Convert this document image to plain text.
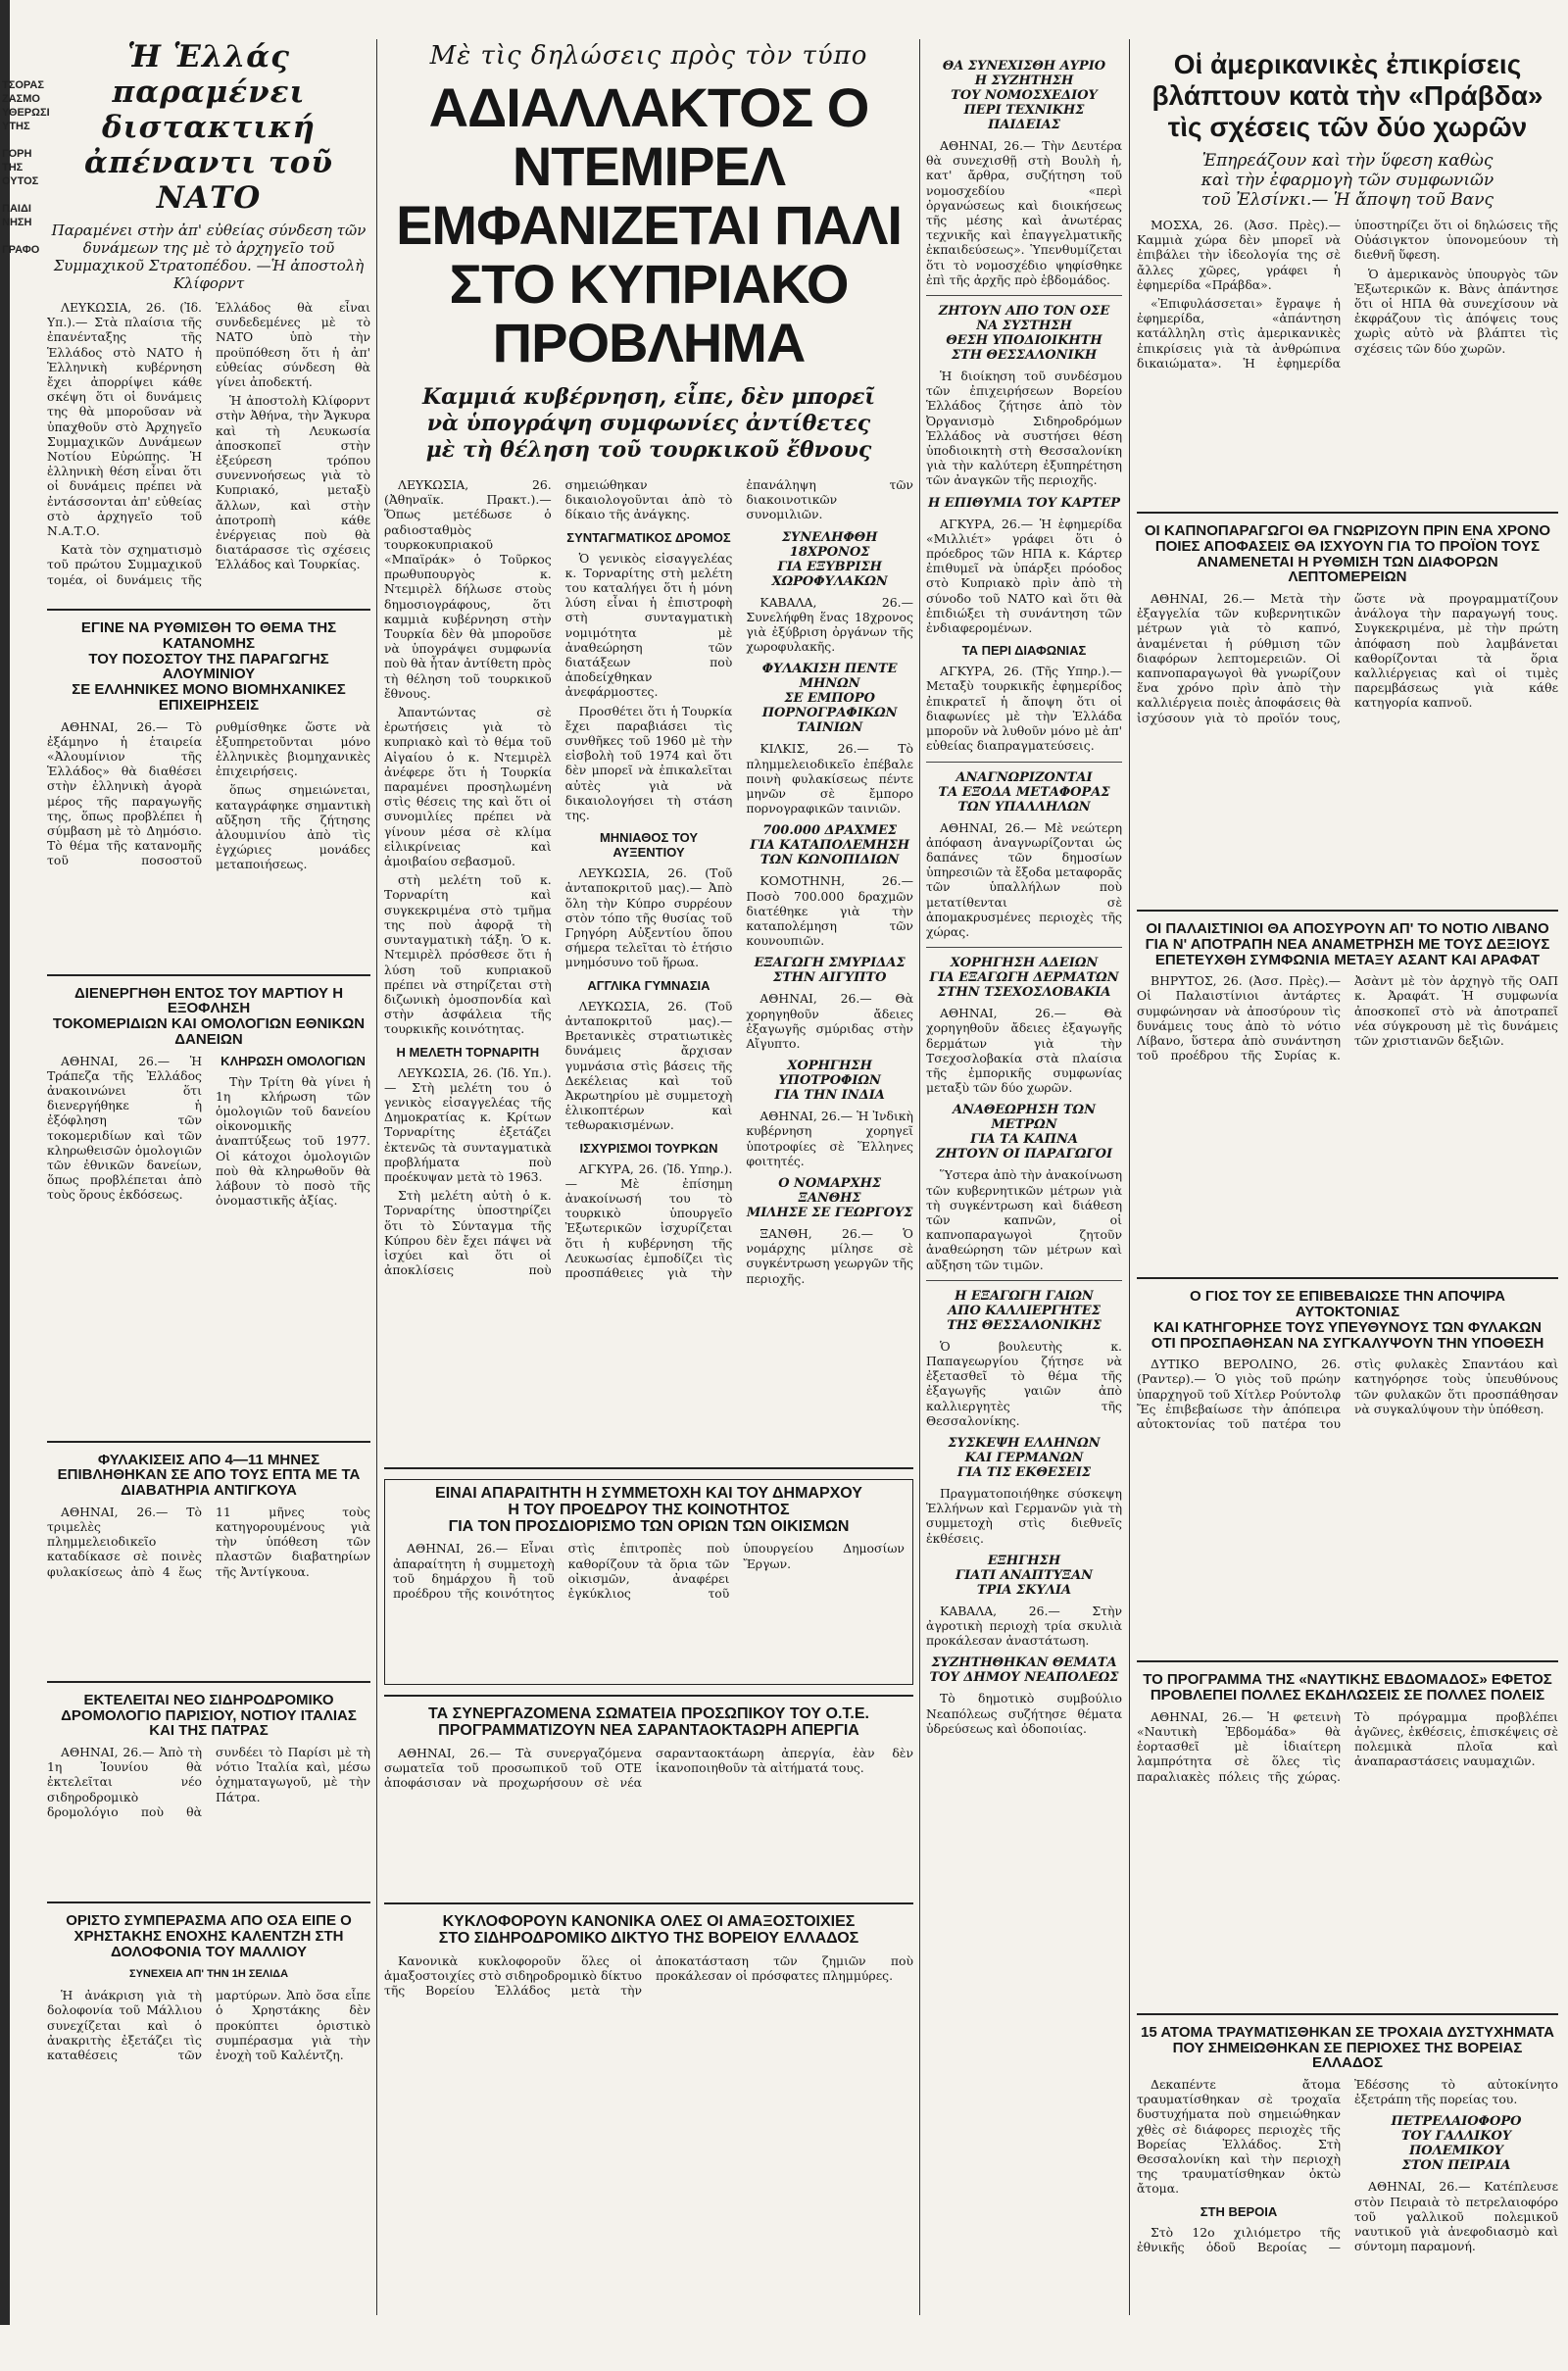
ΤΣΟΡΑΣ
ΖΑΣΜΟ
ΥΘΕΡΩΣΙ
ΥΤΗΣ

ΓΟΡΗ
ΤΗΣ
ΟΥΤΟΣ

ΠΑΙΔΙ
ΝΗΣΗ

ΓΡΑΦΟ
Ἡ Ἑλλάς παραμένει
διστακτική
ἀπέναντι τοῦ ΝΑΤΟ
Παραμένει στὴν ἀπ' εὐθείας σύνδεση τῶν δυνάμεων της μὲ τὸ ἀρχηγεῖο τοῦ Συμμαχικοῦ Στρατοπέδου. —Ἡ ἀποστολὴ Κλίφορντ

ΛΕΥΚΩΣΙΑ, 26. (Ἰδ. Υπ.).— Στὰ πλαίσια τῆς ἐπανένταξης τῆς Ἑλλάδος στὸ ΝΑΤΟ ἡ Ἑλληνικὴ κυβέρνηση ἔχει ἀπορρίψει κάθε σκέψη ὅτι οἱ δυνάμεις της θὰ μποροῦσαν νὰ ὑπαχθοῦν στὸ Ἀρχηγεῖο Συμμαχικῶν Δυνάμεων Νοτίου Εὐρώπης. Ἡ ἑλληνικὴ θέση εἶναι ὅτι οἱ δυνάμεις πρέπει νὰ ἐντάσσονται ἀπ' εὐθείας στὸ ἀρχηγεῖο τοῦ Ν.Α.Τ.Ο.

Κατὰ τὸν σχηματισμὸ τοῦ πρώτου Συμμαχικοῦ τομέα, οἱ δυνάμεις τῆς Ἑλλάδος θὰ εἶναι συνδεδεμένες μὲ τὸ ΝΑΤΟ ὑπὸ τὴν προϋπόθεση ὅτι ἡ ἀπ' εὐθείας σύνδεση θὰ γίνει ἀποδεκτή.

Ἡ ἀποστολὴ Κλίφορντ στὴν Ἀθήνα, τὴν Ἄγκυρα καὶ τὴ Λευκωσία ἀποσκοπεῖ στὴν ἐξεύρεση τρόπου συνεννοήσεως γιὰ τὸ Κυπριακό, μεταξὺ ἄλλων, καὶ στὴν ἀποτροπὴ κάθε ἐνέργειας ποὺ θὰ διατάρασσε τὶς σχέσεις Ἑλλάδος καὶ Τουρκίας.

ΕΓΙΝΕ ΝΑ ΡΥΘΜΙΣΘΗ ΤΟ ΘΕΜΑ ΤΗΣ ΚΑΤΑΝΟΜΗΣ
ΤΟΥ ΠΟΣΟΣΤΟΥ ΤΗΣ ΠΑΡΑΓΩΓΗΣ ΑΛΟΥΜΙΝΙΟΥ
ΣΕ ΕΛΛΗΝΙΚΕΣ ΜΟΝΟ ΒΙΟΜΗΧΑΝΙΚΕΣ ΕΠΙΧΕΙΡΗΣΕΙΣ

ΑΘΗΝΑΙ, 26.— Τὸ ἐξάμηνο ἡ ἑταιρεία «Ἀλουμίνιον τῆς Ἑλλάδος» θὰ διαθέσει στὴν ἐλληνικὴ ἀγορὰ μέρος τῆς παραγωγῆς της, ὅπως προβλέπει ἡ σύμβαση μὲ τὸ Δημόσιο. Τὸ θέμα τῆς κατανομῆς τοῦ ποσοστοῦ ρυθμίσθηκε ὥστε νὰ ἐξυπηρετοῦνται μόνο ἑλληνικὲς βιομηχανικὲς ἐπιχειρήσεις.

ὅπως σημειώνεται, καταγράφηκε σημαντικὴ αὔξηση τῆς ζήτησης ἀλουμινίου ἀπὸ τὶς ἐγχώριες μονάδες μεταποιήσεως.

ΔΙΕΝΕΡΓΗΘΗ ΕΝΤΟΣ ΤΟΥ ΜΑΡΤΙΟΥ Η ΕΞΟΦΛΗΣΗ
ΤΟΚΟΜΕΡΙΔΙΩΝ ΚΑΙ ΟΜΟΛΟΓΙΩΝ ΕΘΝΙΚΩΝ ΔΑΝΕΙΩΝ

ΑΘΗΝΑΙ, 26.— Ἡ Τράπεζα τῆς Ἑλλάδος ἀνακοινώνει ὅτι διενεργήθηκε ἡ ἐξόφληση τῶν τοκομεριδίων καὶ τῶν κληρωθεισῶν ὁμολογιῶν τῶν ἐθνικῶν δανείων, ὅπως προβλέπεται ἀπὸ τοὺς ὅρους ἐκδόσεως.

ΚΛΗΡΩΣΗ ΟΜΟΛΟΓΙΩΝ

Τὴν Τρίτη θὰ γίνει ἡ 1η κλήρωση τῶν ὁμολογιῶν τοῦ δανείου οἰκονομικῆς ἀναπτύξεως τοῦ 1977. Οἱ κάτοχοι ὁμολογιῶν ποὺ θὰ κληρωθοῦν θὰ λάβουν τὸ ποσὸ τῆς ὀνομαστικῆς ἀξίας.

ΦΥΛΑΚΙΣΕΙΣ ΑΠΟ 4—11 ΜΗΝΕΣ ΕΠΙΒΛΗΘΗΚΑΝ ΣΕ ΑΠΟ ΤΟΥΣ ΕΠΤΑ ΜΕ ΤΑ ΔΙΑΒΑΤΗΡΙΑ ΑΝΤΙΓΚΟΥΑ

ΑΘΗΝΑΙ, 26.— Τὸ τριμελὲς πλημμελειοδικεῖο καταδίκασε σὲ ποινὲς φυλακίσεως ἀπὸ 4 ἕως 11 μῆνες τοὺς κατηγορουμένους γιὰ τὴν ὑπόθεση τῶν πλαστῶν διαβατηρίων τῆς Ἀντίγκουα.

ΕΚΤΕΛΕΙΤΑΙ ΝΕΟ ΣΙΔΗΡΟΔΡΟΜΙΚΟ ΔΡΟΜΟΛΟΓΙΟ ΠΑΡΙΣΙΟΥ, ΝΟΤΙΟΥ ΙΤΑΛΙΑΣ ΚΑΙ ΤΗΣ ΠΑΤΡΑΣ

ΑΘΗΝΑΙ, 26.— Ἀπὸ τὴ 1η Ἰουνίου θὰ ἐκτελεῖται νέο σιδηροδρομικὸ δρομολόγιο ποὺ θὰ συνδέει τὸ Παρίσι μὲ τὴ νότιο Ἰταλία καὶ, μέσω ὀχηματαγωγοῦ, μὲ τὴν Πάτρα.

ΟΡΙΣΤΟ ΣΥΜΠΕΡΑΣΜΑ ΑΠΟ ΟΣΑ ΕΙΠΕ Ο ΧΡΗΣΤΑΚΗΣ ΕΝΟΧΗΣ ΚΑΛΕΝΤΖΗ ΣΤΗ ΔΟΛΟΦΟΝΙΑ ΤΟΥ ΜΑΛΛΙΟΥ
ΣΥΝΕΧΕΙΑ ΑΠ' ΤΗΝ 1Η ΣΕΛΙΔΑ

Ἡ ἀνάκριση γιὰ τὴ δολοφονία τοῦ Μάλλιου συνεχίζεται καὶ ὁ ἀνακριτὴς ἐξετάζει τὶς καταθέσεις τῶν μαρτύρων. Ἀπὸ ὅσα εἶπε ὁ Χρηστάκης δὲν προκύπτει ὁριστικὸ συμπέρασμα γιὰ τὴν ἐνοχὴ τοῦ Καλέντζη.

Μὲ τὶς δηλώσεις πρὸς τὸν τύπο
ΑΔΙΑΛΛΑΚΤΟΣ Ο ΝΤΕΜΙΡΕΛ
ΕΜΦΑΝΙΖΕΤΑΙ ΠΑΛΙ
ΣΤΟ ΚΥΠΡΙΑΚΟ ΠΡΟΒΛΗΜΑ
Καμμιά κυβέρνηση, εἶπε, δὲν μπορεῖ
νὰ ὑπογράψη συμφωνίες ἀντίθετες
μὲ τὴ θέληση τοῦ τουρκικοῦ ἔθνους

ΛΕΥΚΩΣΙΑ, 26. (Ἀθηναϊκ. Πρακτ.).— Ὅπως μετέδωσε ὁ ραδιοσταθμὸς τουρκοκυπριακοῦ «Μπαϊράκ» ὁ Τοῦρκος πρωθυπουργὸς κ. Ντεμιρὲλ δήλωσε στοὺς δημοσιογράφους, ὅτι καμμιὰ κυβέρνηση στὴν Τουρκία δὲν θὰ μποροῦσε νὰ ὑπογράψει συμφωνία ποὺ θὰ ἦταν ἀντίθετη πρὸς τὴ θέληση τοῦ τουρκικοῦ ἔθνους.

Ἀπαντώντας σὲ ἐρωτήσεις γιὰ τὸ κυπριακὸ καὶ τὸ θέμα τοῦ Αἰγαίου ὁ κ. Ντεμιρὲλ ἀνέφερε ὅτι ἡ Τουρκία παραμένει προσηλωμένη στὶς θέσεις της καὶ ὅτι οἱ συνομιλίες πρέπει νὰ γίνουν μέσα σὲ κλίμα εἰλικρίνειας καὶ ἀμοιβαίου σεβασμοῦ.

στὴ μελέτη τοῦ κ. Τορναρίτη καὶ συγκεκριμένα στὸ τμῆμα της ποὺ ἀφορᾷ τὴ συνταγματικὴ τάξη. Ὁ κ. Ντεμιρὲλ πρόσθεσε ὅτι ἡ λύση τοῦ κυπριακοῦ πρέπει νὰ στηρίζεται στὴ διζωνικὴ ὁμοσπονδία καὶ στὴν ἀσφάλεια τῆς τουρκικῆς κοινότητας.

Η ΜΕΛΕΤΗ ΤΟΡΝΑΡΙΤΗ

ΛΕΥΚΩΣΙΑ, 26. (Ἰδ. Υπ.).— Στὴ μελέτη του ὁ γενικὸς εἰσαγγελέας τῆς Δημοκρατίας κ. Κρίτων Τορναρίτης ἐξετάζει ἐκτενῶς τὰ συνταγματικὰ προβλήματα ποὺ προέκυψαν μετὰ τὸ 1963.

Στὴ μελέτη αὐτὴ ὁ κ. Τορναρίτης ὑποστηρίζει ὅτι τὸ Σύνταγμα τῆς Κύπρου δὲν ἔχει πάψει νὰ ἰσχύει καὶ ὅτι οἱ ἀποκλίσεις ποὺ σημειώθηκαν δικαιολογοῦνται ἀπὸ τὸ δίκαιο τῆς ἀνάγκης.

ΣΥΝΤΑΓΜΑΤΙΚΟΣ ΔΡΟΜΟΣ

Ὁ γενικὸς εἰσαγγελέας κ. Τορναρίτης στὴ μελέτη του καταλήγει ὅτι ἡ μόνη λύση εἶναι ἡ ἐπιστροφὴ στὴ συνταγματικὴ νομιμότητα μὲ ἀναθεώρηση τῶν διατάξεων ποὺ ἀποδείχθηκαν ἀνεφάρμοστες.

Προσθέτει ὅτι ἡ Τουρκία ἔχει παραβιάσει τὶς συνθῆκες τοῦ 1960 μὲ τὴν εἰσβολὴ τοῦ 1974 καὶ ὅτι δὲν μπορεῖ νὰ ἐπικαλεῖται αὐτὲς γιὰ νὰ δικαιολογήσει τὴ στάση της.

ΜΗΝΙΑΘΟΣ ΤΟΥ ΑΥΞΕΝΤΙΟΥ

ΛΕΥΚΩΣΙΑ, 26. (Τοῦ ἀνταποκριτοῦ μας).— Ἀπὸ ὅλη τὴν Κύπρο συρρέουν στὸν τόπο τῆς θυσίας τοῦ Γρηγόρη Αὐξεντίου ὅπου σήμερα τελεῖται τὸ ἑτήσιο μνημόσυνο τοῦ ἥρωα.

ΑΓΓΛΙΚΑ ΓΥΜΝΑΣΙΑ

ΛΕΥΚΩΣΙΑ, 26. (Τοῦ ἀνταποκριτοῦ μας).— Βρετανικὲς στρατιωτικὲς δυνάμεις ἄρχισαν γυμνάσια στὶς βάσεις τῆς Δεκέλειας καὶ τοῦ Ἀκρωτηρίου μὲ συμμετοχὴ ἑλικοπτέρων καὶ τεθωρακισμένων.

ΙΣΧΥΡΙΣΜΟΙ ΤΟΥΡΚΩΝ

ΑΓΚΥΡΑ, 26. (Ἰδ. Υπηρ.).— Μὲ ἐπίσημη ἀνακοίνωσή του τὸ τουρκικὸ ὑπουργεῖο Ἐξωτερικῶν ἰσχυρίζεται ὅτι ἡ κυβέρνηση τῆς Λευκωσίας ἐμποδίζει τὶς προσπάθειες γιὰ τὴν ἐπανάληψη τῶν διακοινοτικῶν συνομιλιῶν.

ΣΥΝΕΛΗΦΘΗ 18ΧΡΟΝΟΣ
ΓΙΑ ΕΞΥΒΡΙΣΗ
ΧΩΡΟΦΥΛΑΚΩΝ

ΚΑΒΑΛΑ, 26.— Συνελήφθη ἕνας 18χρονος γιὰ ἐξύβριση ὀργάνων τῆς χωροφυλακῆς.

ΦΥΛΑΚΙΣΗ ΠΕΝΤΕ ΜΗΝΩΝ
ΣΕ ΕΜΠΟΡΟ
ΠΟΡΝΟΓΡΑΦΙΚΩΝ ΤΑΙΝΙΩΝ

ΚΙΛΚΙΣ, 26.— Τὸ πλημμελειοδικεῖο ἐπέβαλε ποινὴ φυλακίσεως πέντε μηνῶν σὲ ἔμπορο πορνογραφικῶν ταινιῶν.

700.000 ΔΡΑΧΜΕΣ
ΓΙΑ ΚΑΤΑΠΟΛΕΜΗΣΗ
ΤΩΝ ΚΩΝΟΠΙΔΙΩΝ

ΚΟΜΟΤΗΝΗ, 26.— Ποσὸ 700.000 δραχμῶν διατέθηκε γιὰ τὴν καταπολέμηση τῶν κουνουπιῶν.

ΕΞΑΓΩΓΗ ΣΜΥΡΙΔΑΣ
ΣΤΗΝ ΑΙΓΥΠΤΟ

ΑΘΗΝΑΙ, 26.— Θὰ χορηγηθοῦν ἄδειες ἐξαγωγῆς σμύριδας στὴν Αἴγυπτο.

ΧΟΡΗΓΗΣΗ ΥΠΟΤΡΟΦΙΩΝ
ΓΙΑ ΤΗΝ ΙΝΔΙΑ

ΑΘΗΝΑΙ, 26.— Ἡ Ἰνδικὴ κυβέρνηση χορηγεῖ ὑποτροφίες σὲ Ἕλληνες φοιτητές.

Ο ΝΟΜΑΡΧΗΣ ΞΑΝΘΗΣ
ΜΙΛΗΣΕ ΣΕ ΓΕΩΡΓΟΥΣ

ΞΑΝΘΗ, 26.— Ὁ νομάρχης μίλησε σὲ συγκέντρωση γεωργῶν τῆς περιοχῆς.

ΕΙΝΑΙ ΑΠΑΡΑΙΤΗΤΗ Η ΣΥΜΜΕΤΟΧΗ ΚΑΙ ΤΟΥ ΔΗΜΑΡΧΟΥ
Η ΤΟΥ ΠΡΟΕΔΡΟΥ ΤΗΣ ΚΟΙΝΟΤΗΤΟΣ
ΓΙΑ ΤΟΝ ΠΡΟΣΔΙΟΡΙΣΜΟ ΤΩΝ ΟΡΙΩΝ ΤΩΝ ΟΙΚΙΣΜΩΝ

ΑΘΗΝΑΙ, 26.— Εἶναι ἀπαραίτητη ἡ συμμετοχὴ τοῦ δημάρχου ἢ τοῦ προέδρου τῆς κοινότητος στὶς ἐπιτροπὲς ποὺ καθορίζουν τὰ ὅρια τῶν οἰκισμῶν, ἀναφέρει ἐγκύκλιος τοῦ ὑπουργείου Δημοσίων Ἔργων.

ΤΑ ΣΥΝΕΡΓΑΖΟΜΕΝΑ ΣΩΜΑΤΕΙΑ ΠΡΟΣΩΠΙΚΟΥ ΤΟΥ Ο.Τ.Ε.
ΠΡΟΓΡΑΜΜΑΤΙΖΟΥΝ ΝΕΑ ΣΑΡΑΝΤΑΟΚΤΑΩΡΗ ΑΠΕΡΓΙΑ

ΑΘΗΝΑΙ, 26.— Τὰ συνεργαζόμενα σωματεῖα τοῦ προσωπικοῦ τοῦ ΟΤΕ ἀποφάσισαν νὰ προχωρήσουν σὲ νέα σαρανταοκτάωρη ἀπεργία, ἐὰν δὲν ἱκανοποιηθοῦν τὰ αἰτήματά τους.

ΚΥΚΛΟΦΟΡΟΥΝ ΚΑΝΟΝΙΚΑ ΟΛΕΣ ΟΙ ΑΜΑΞΟΣΤΟΙΧΙΕΣ
ΣΤΟ ΣΙΔΗΡΟΔΡΟΜΙΚΟ ΔΙΚΤΥΟ ΤΗΣ ΒΟΡΕΙΟΥ ΕΛΛΑΔΟΣ

Κανονικὰ κυκλοφοροῦν ὅλες οἱ ἁμαξοστοιχίες στὸ σιδηροδρομικὸ δίκτυο τῆς Βορείου Ἑλλάδος μετὰ τὴν ἀποκατάσταση τῶν ζημιῶν ποὺ προκάλεσαν οἱ πρόσφατες πλημμύρες.

ΘΑ ΣΥΝΕΧΙΣΘΗ ΑΥΡΙΟ
Η ΣΥΖΗΤΗΣΗ
ΤΟΥ ΝΟΜΟΣΧΕΔΙΟΥ
ΠΕΡΙ ΤΕΧΝΙΚΗΣ ΠΑΙΔΕΙΑΣ

ΑΘΗΝΑΙ, 26.— Τὴν Δευτέρα θὰ συνεχισθῇ στὴ Βουλὴ ἡ, κατ' ἄρθρα, συζήτηση τοῦ νομοσχεδίου «περὶ ὀργανώσεως καὶ διοικήσεως τῆς μέσης καὶ ἀνωτέρας τεχνικῆς καὶ ἐπαγγελματικῆς ἐκπαιδεύσεως». Ὑπενθυμίζεται ὅτι τὸ νομοσχέδιο ψηφίσθηκε ἐπὶ τῆς ἀρχῆς πρὸ ἑβδομάδος.

ΖΗΤΟΥΝ ΑΠΟ ΤΟΝ ΟΣΕ
ΝΑ ΣΥΣΤΗΣΗ
ΘΕΣΗ ΥΠΟΔΙΟΙΚΗΤΗ
ΣΤΗ ΘΕΣΣΑΛΟΝΙΚΗ

Ἡ διοίκηση τοῦ συνδέσμου τῶν ἐπιχειρήσεων Βορείου Ἑλλάδος ζήτησε ἀπὸ τὸν Ὀργανισμὸ Σιδηροδρόμων Ἑλλάδος νὰ συστήσει θέση ὑποδιοικητὴ στὴ Θεσσαλονίκη γιὰ τὴν καλύτερη ἐξυπηρέτηση τῶν ἀναγκῶν τῆς περιοχῆς.

Η ΕΠΙΘΥΜΙΑ ΤΟΥ ΚΑΡΤΕΡ

ΑΓΚΥΡΑ, 26.— Ἡ ἐφημερίδα «Μιλλιέτ» γράφει ὅτι ὁ πρόεδρος τῶν ΗΠΑ κ. Κάρτερ ἐπιθυμεῖ νὰ ὑπάρξει πρόοδος στὸ Κυπριακὸ πρὶν ἀπὸ τὴ σύνοδο τοῦ ΝΑΤΟ καὶ ὅτι θὰ ἐπιδιώξει τὴ συνάντηση τῶν ἐνδιαφερομένων.

ΤΑ ΠΕΡΙ ΔΙΑΦΩΝΙΑΣ

ΑΓΚΥΡΑ, 26. (Τῆς Υπηρ.).— Μεταξὺ τουρκικῆς ἐφημερίδος ἐπικρατεῖ ἡ ἄποψη ὅτι οἱ διαφωνίες μὲ τὴν Ἑλλάδα μποροῦν νὰ λυθοῦν μόνο μὲ ἀπ' εὐθείας διαπραγματεύσεις.

ΑΝΑΓΝΩΡΙΖΟΝΤΑΙ
ΤΑ ΕΞΟΔΑ ΜΕΤΑΦΟΡΑΣ
ΤΩΝ ΥΠΑΛΛΗΛΩΝ

ΑΘΗΝΑΙ, 26.— Μὲ νεώτερη ἀπόφαση ἀναγνωρίζονται ὡς δαπάνες τῶν δημοσίων ὑπηρεσιῶν τὰ ἔξοδα μεταφορᾶς τῶν ὑπαλλήλων ποὺ μετατίθενται σὲ ἀπομακρυσμένες περιοχὲς τῆς χώρας.

ΧΟΡΗΓΗΣΗ ΑΔΕΙΩΝ
ΓΙΑ ΕΞΑΓΩΓΗ ΔΕΡΜΑΤΩΝ
ΣΤΗΝ ΤΣΕΧΟΣΛΟΒΑΚΙΑ

ΑΘΗΝΑΙ, 26.— Θὰ χορηγηθοῦν ἄδειες ἐξαγωγῆς δερμάτων γιὰ τὴν Τσεχοσλοβακία στὰ πλαίσια τῆς ἐμπορικῆς συμφωνίας μεταξὺ τῶν δύο χωρῶν.

ΑΝΑΘΕΩΡΗΣΗ ΤΩΝ ΜΕΤΡΩΝ
ΓΙΑ ΤΑ ΚΑΠΝΑ
ΖΗΤΟΥΝ ΟΙ ΠΑΡΑΓΩΓΟΙ

Ὕστερα ἀπὸ τὴν ἀνακοίνωση τῶν κυβερνητικῶν μέτρων γιὰ τὴ συγκέντρωση καὶ διάθεση τῶν καπνῶν, οἱ καπνοπαραγωγοὶ ζητοῦν ἀναθεώρηση τῶν μέτρων καὶ αὔξηση τῶν τιμῶν.

Η ΕΞΑΓΩΓΗ ΓΑΙΩΝ
ΑΠΟ ΚΑΛΛΙΕΡΓΗΤΕΣ
ΤΗΣ ΘΕΣΣΑΛΟΝΙΚΗΣ

Ὁ βουλευτὴς κ. Παπαγεωργίου ζήτησε νὰ ἐξετασθεῖ τὸ θέμα τῆς ἐξαγωγῆς γαιῶν ἀπὸ καλλιεργητὲς τῆς Θεσσαλονίκης.

ΣΥΣΚΕΨΗ ΕΛΛΗΝΩΝ
ΚΑΙ ΓΕΡΜΑΝΩΝ
ΓΙΑ ΤΙΣ ΕΚΘΕΣΕΙΣ

Πραγματοποιήθηκε σύσκεψη Ἑλλήνων καὶ Γερμανῶν γιὰ τὴ συμμετοχὴ στὶς διεθνεῖς ἐκθέσεις.

ΕΞΗΓΗΣΗ
ΓΙΑΤΙ ΑΝΑΠΤΥΞΑΝ
ΤΡΙΑ ΣΚΥΛΙΑ

ΚΑΒΑΛΑ, 26.— Στὴν ἀγροτικὴ περιοχὴ τρία σκυλιὰ προκάλεσαν ἀναστάτωση.

ΣΥΖΗΤΗΘΗΚΑΝ ΘΕΜΑΤΑ
ΤΟΥ ΔΗΜΟΥ ΝΕΑΠΟΛΕΩΣ

Τὸ δημοτικὸ συμβούλιο Νεαπόλεως συζήτησε θέματα ὑδρεύσεως καὶ ὁδοποιίας.

Οἱ ἀμερικανικὲς ἐπικρίσεις
βλάπτουν κατὰ τὴν «Πράβδα»
τὶς σχέσεις τῶν δύο χωρῶν
Ἐπηρεάζουν καὶ τὴν ὕφεση καθὼς
καὶ τὴν ἐφαρμογὴ τῶν συμφωνιῶν
τοῦ Ἐλσίνκι.— Ἡ ἄποψη τοῦ Βανς

ΜΟΣΧΑ, 26. (Ἀσσ. Πρὲς).— Καμμιὰ χώρα δὲν μπορεῖ νὰ ἐπιβάλει τὴν ἰδεολογία της σὲ ἄλλες χῶρες, γράφει ἡ ἐφημερίδα «Πράβδα».

«Ἐπιφυλάσσεται» ἔγραψε ἡ ἐφημερίδα, «ἀπάντηση κατάλληλη στὶς ἀμερικανικὲς ἐπικρίσεις γιὰ τὰ ἀνθρώπινα δικαιώματα». Ἡ ἐφημερίδα ὑποστηρίζει ὅτι οἱ δηλώσεις τῆς Οὐάσιγκτον ὑπονομεύουν τὴ διεθνῆ ὕφεση.

Ὁ ἀμερικανὸς ὑπουργὸς τῶν Ἐξωτερικῶν κ. Βὰνς ἀπάντησε ὅτι οἱ ΗΠΑ θὰ συνεχίσουν νὰ ἐκφράζουν τὶς ἀπόψεις τους χωρὶς αὐτὸ νὰ βλάπτει τὶς σχέσεις τῶν δύο χωρῶν.

ΟΙ ΚΑΠΝΟΠΑΡΑΓΩΓΟΙ ΘΑ ΓΝΩΡΙΖΟΥΝ ΠΡΙΝ ΕΝΑ ΧΡΟΝΟ
ΠΟΙΕΣ ΑΠΟΦΑΣΕΙΣ ΘΑ ΙΣΧΥΟΥΝ ΓΙΑ ΤΟ ΠΡΟΪΟΝ ΤΟΥΣ
ΑΝΑΜΕΝΕΤΑΙ Η ΡΥΘΜΙΣΗ ΤΩΝ ΔΙΑΦΟΡΩΝ ΛΕΠΤΟΜΕΡΕΙΩΝ

ΑΘΗΝΑΙ, 26.— Μετὰ τὴν ἐξαγγελία τῶν κυβερνητικῶν μέτρων γιὰ τὸ καπνό, ἀναμένεται ἡ ρύθμιση τῶν διαφόρων λεπτομερειῶν. Οἱ καπνοπαραγωγοὶ θὰ γνωρίζουν ἕνα χρόνο πρὶν ἀπὸ τὴν καλλιέργεια ποιὲς ἀποφάσεις θὰ ἰσχύσουν γιὰ τὸ προϊόν τους, ὥστε νὰ προγραμματίζουν ἀνάλογα τὴν παραγωγή τους. Συγκεκριμένα, μὲ τὴν πρώτη ἀπόφαση ποὺ λαμβάνεται καθορίζονται τὰ ὅρια καλλιέργειας καὶ οἱ τιμὲς παρεμβάσεως γιὰ κάθε κατηγορία καπνοῦ.

ΟΙ ΠΑΛΑΙΣΤΙΝΙΟΙ ΘΑ ΑΠΟΣΥΡΟΥΝ ΑΠ' ΤΟ ΝΟΤΙΟ ΛΙΒΑΝΟ
ΓΙΑ Ν' ΑΠΟΤΡΑΠΗ ΝΕΑ ΑΝΑΜΕΤΡΗΣΗ ΜΕ ΤΟΥΣ ΔΕΞΙΟΥΣ
ΕΠΕΤΕΥΧΘΗ ΣΥΜΦΩΝΙΑ ΜΕΤΑΞΥ ΑΣΑΝΤ ΚΑΙ ΑΡΑΦΑΤ

ΒΗΡΥΤΟΣ, 26. (Ἀσσ. Πρὲς).— Οἱ Παλαιστίνιοι ἀντάρτες συμφώνησαν νὰ ἀποσύρουν τὶς δυνάμεις τους ἀπὸ τὸ νότιο Λίβανο, ὕστερα ἀπὸ συνάντηση τοῦ προέδρου τῆς Συρίας κ. Ἀσὰντ μὲ τὸν ἀρχηγὸ τῆς ΟΑΠ κ. Ἀραφάτ. Ἡ συμφωνία ἀποσκοπεῖ στὸ νὰ ἀποτραπεῖ νέα σύγκρουση μὲ τὶς δυνάμεις τῶν χριστιανῶν δεξιῶν.

Ο ΓΙΟΣ ΤΟΥ ΣΕ ΕΠΙΒΕΒΑΙΩΣΕ ΤΗΝ ΑΠΟΨΙΡΑ ΑΥΤΟΚΤΟΝΙΑΣ
ΚΑΙ ΚΑΤΗΓΟΡΗΣΕ ΤΟΥΣ ΥΠΕΥΘΥΝΟΥΣ ΤΩΝ ΦΥΛΑΚΩΝ
ΟΤΙ ΠΡΟΣΠΑΘΗΣΑΝ ΝΑ ΣΥΓΚΑΛΥΨΟΥΝ ΤΗΝ ΥΠΟΘΕΣΗ

ΔΥΤΙΚΟ ΒΕΡΟΛΙΝΟ, 26. (Ραντερ).— Ὁ γιὸς τοῦ πρώην ὑπαρχηγοῦ τοῦ Χίτλερ Ρούντολφ Ἔς ἐπιβεβαίωσε τὴν ἀπόπειρα αὐτοκτονίας τοῦ πατέρα του στὶς φυλακὲς Σπαντάου καὶ κατηγόρησε τοὺς ὑπευθύνους τῶν φυλακῶν ὅτι προσπάθησαν νὰ συγκαλύψουν τὴν ὑπόθεση.

ΤΟ ΠΡΟΓΡΑΜΜΑ ΤΗΣ «ΝΑΥΤΙΚΗΣ ΕΒΔΟΜΑΔΟΣ» ΕΦΕΤΟΣ
ΠΡΟΒΛΕΠΕΙ ΠΟΛΛΕΣ ΕΚΔΗΛΩΣΕΙΣ ΣΕ ΠΟΛΛΕΣ ΠΟΛΕΙΣ

ΑΘΗΝΑΙ, 26.— Ἡ φετεινὴ «Ναυτικὴ Ἑβδομάδα» θὰ ἑορτασθεῖ μὲ ἰδιαίτερη λαμπρότητα σὲ ὅλες τὶς παραλιακὲς πόλεις τῆς χώρας. Τὸ πρόγραμμα προβλέπει ἀγῶνες, ἐκθέσεις, ἐπισκέψεις σὲ πολεμικὰ πλοῖα καὶ ἀναπαραστάσεις ναυμαχιῶν.

15 ΑΤΟΜΑ ΤΡΑΥΜΑΤΙΣΘΗΚΑΝ ΣΕ ΤΡΟΧΑΙΑ ΔΥΣΤΥΧΗΜΑΤΑ
ΠΟΥ ΣΗΜΕΙΩΘΗΚΑΝ ΣΕ ΠΕΡΙΟΧΕΣ ΤΗΣ ΒΟΡΕΙΑΣ ΕΛΛΑΔΟΣ

Δεκαπέντε ἄτομα τραυματίσθηκαν σὲ τροχαῖα δυστυχήματα ποὺ σημειώθηκαν χθὲς σὲ διάφορες περιοχὲς τῆς Βορείας Ἑλλάδος. Στὴ Θεσσαλονίκη καὶ τὴν περιοχὴ της τραυματίσθηκαν ὀκτὼ ἄτομα.

ΣΤΗ ΒΕΡΟΙΑ

Στὸ 12ο χιλιόμετρο τῆς ἐθνικῆς ὁδοῦ Βεροίας — Ἐδέσσης τὸ αὐτοκίνητο ἐξετράπη τῆς πορείας του.

ΠΕΤΡΕΛΑΙΟΦΟΡΟ
ΤΟΥ ΓΑΛΛΙΚΟΥ
ΠΟΛΕΜΙΚΟΥ
ΣΤΟΝ ΠΕΙΡΑΙΑ

ΑΘΗΝΑΙ, 26.— Κατέπλευσε στὸν Πειραιὰ τὸ πετρελαιοφόρο τοῦ γαλλικοῦ πολεμικοῦ ναυτικοῦ γιὰ ἀνεφοδιασμὸ καὶ σύντομη παραμονή.
